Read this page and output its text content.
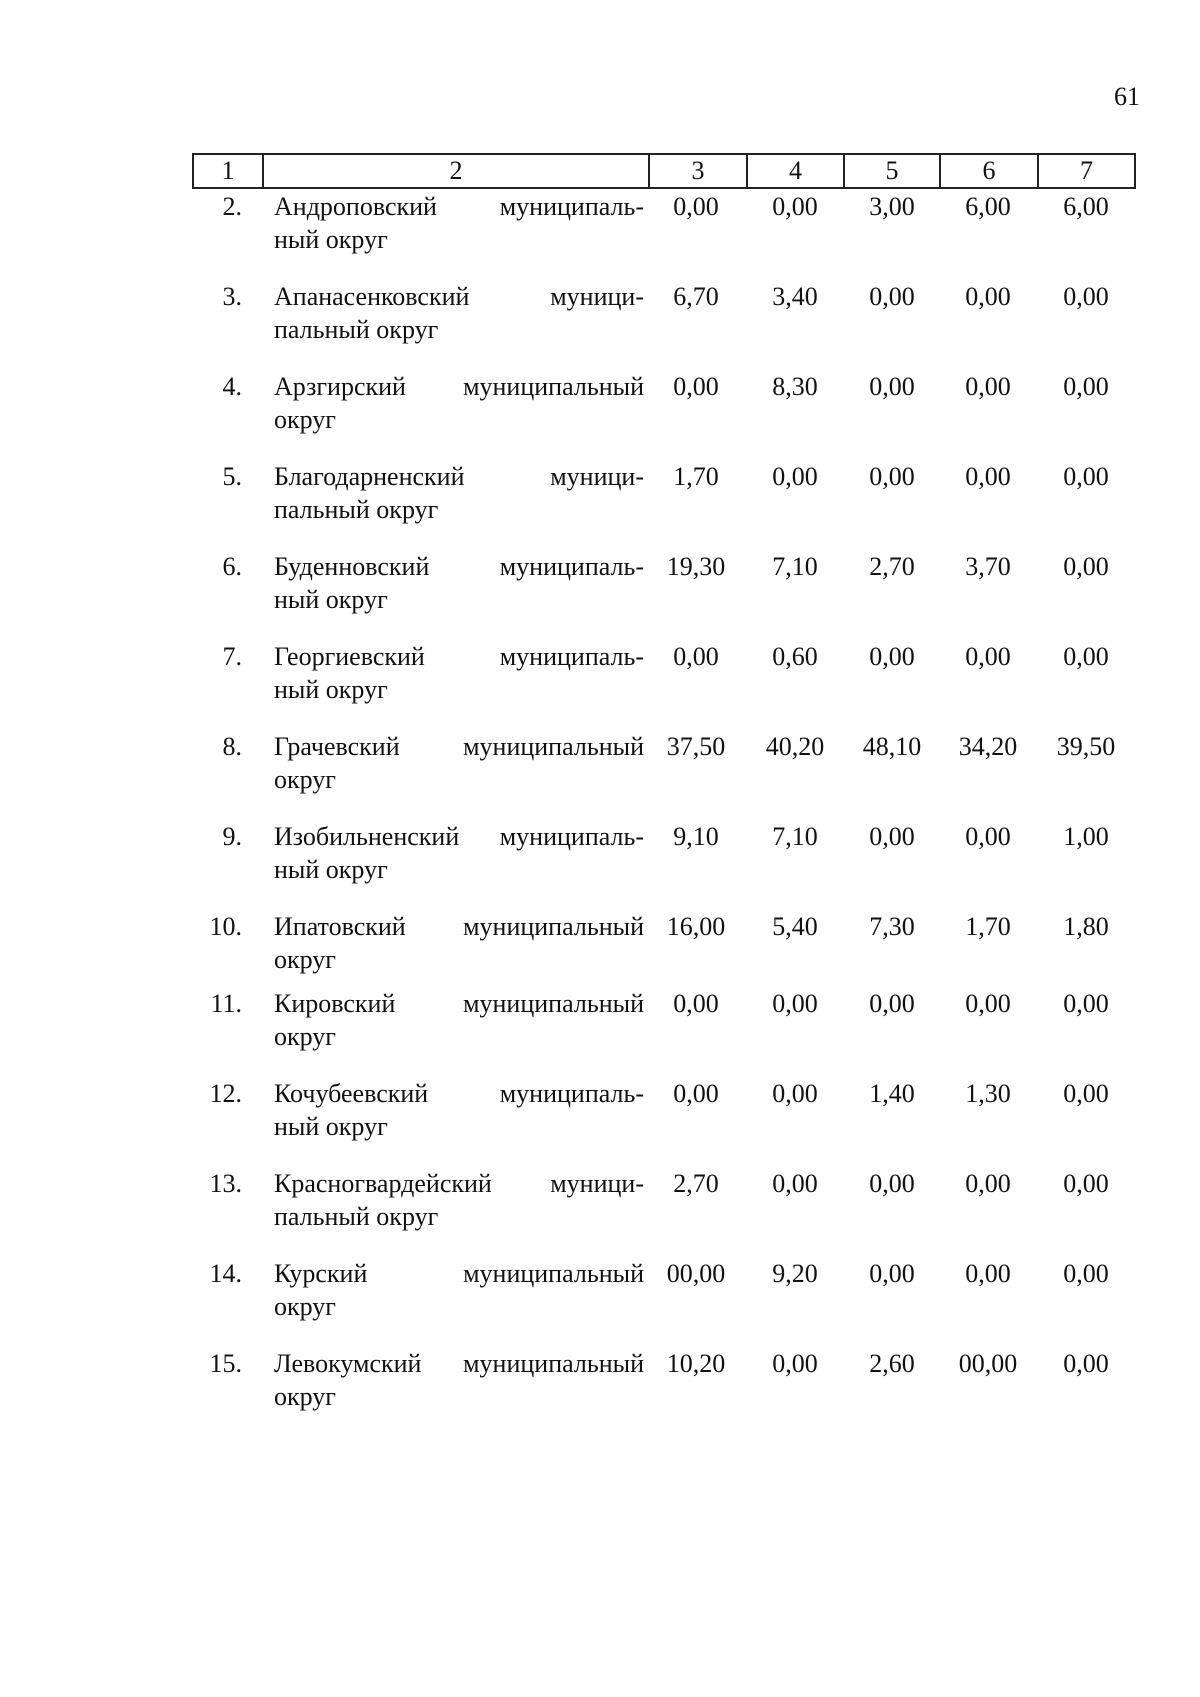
61
1	2	3	4	5	6	7
2. Андроповский муниципаль-
ный округ
0,00	0,00	3,00	6,00	6,00
3. Апанасенковский муници-
пальный округ
6,70	3,40	0,00	0,00	0,00
4. Арзгирский муниципальный
округ
0,00	8,30	0,00	0,00	0,00
5. Благодарненский муници-
пальный округ
1,70	0,00	0,00	0,00	0,00
6. Буденновский муниципаль-
ный округ
19,30	7,10	2,70	3,70	0,00
7. Георгиевский муниципаль-
ный округ
0,00	0,60	0,00	0,00	0,00
8. Грачевский муниципальный
округ
37,50	40,20	48,10	34,20	39,50
9. Изобильненский муниципаль-
ный округ
9,10	7,10	0,00	0,00	1,00
10. Ипатовский муниципальный
округ
16,00	5,40	7,30	1,70	1,80
11. Кировский муниципальный
округ
0,00	0,00	0,00	0,00	0,00
12. Кочубеевский муниципаль-
ный округ
0,00	0,00	1,40	1,30	0,00
13. Красногвардейский муници-
пальный округ
2,70	0,00	0,00	0,00	0,00
14. Курский муниципальный
округ
00,00	9,20	0,00	0,00	0,00
15. Левокумский муниципальный
округ
10,20	0,00	2,60	00,00	0,00
